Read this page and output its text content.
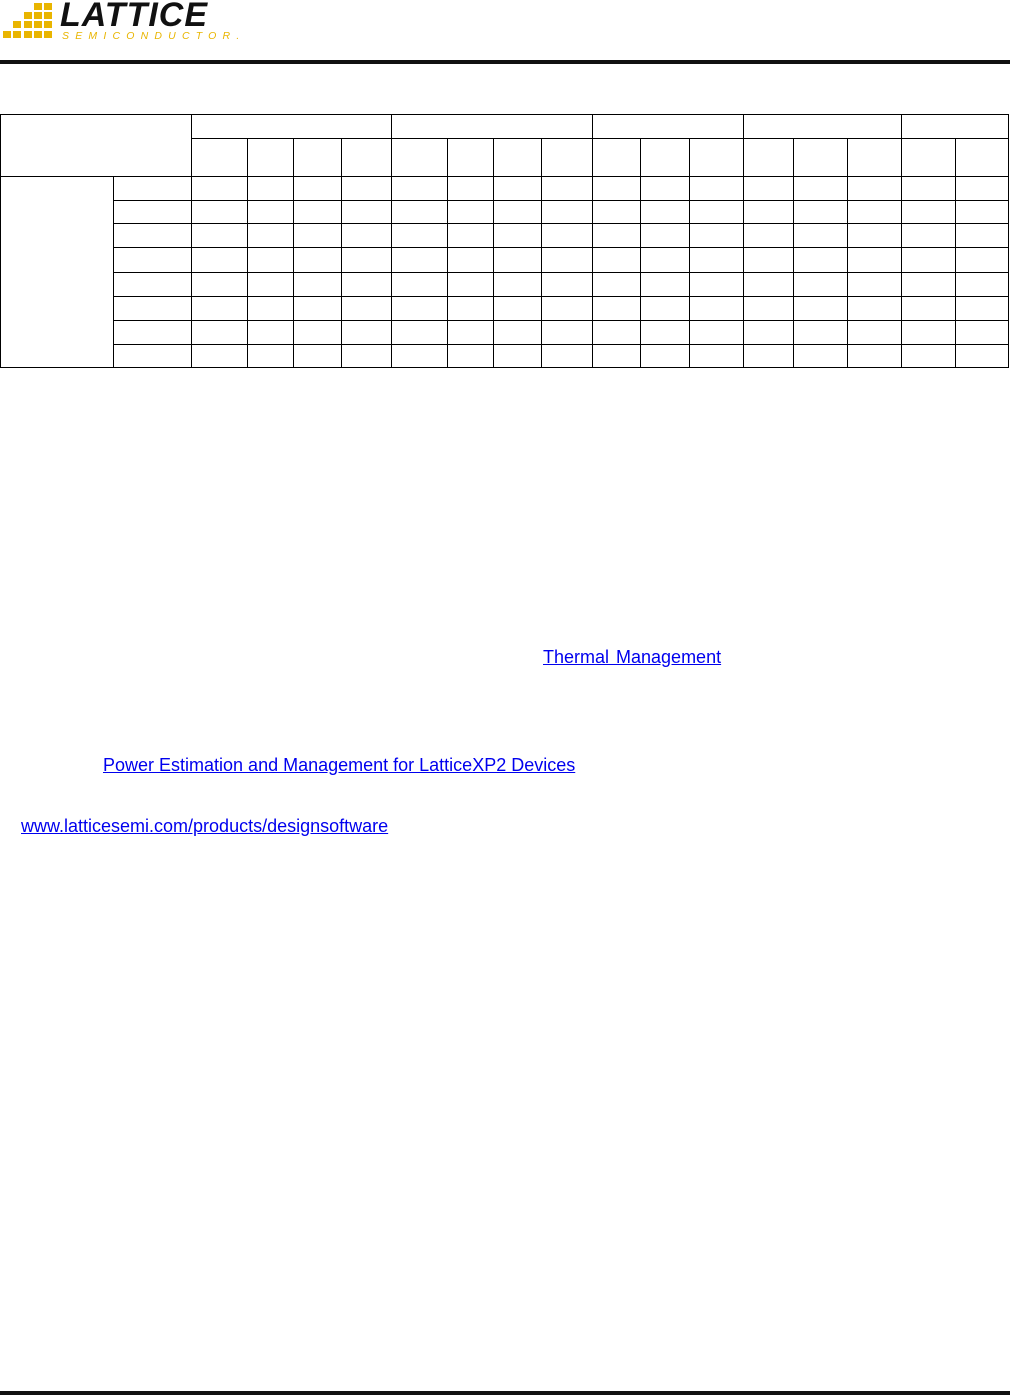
LATTICE
SEMICONDUCTOR.
Thermal Management
Power Estimation and Management for LatticeXP2 Devices
www.latticesemi.com/products/designsoftware
